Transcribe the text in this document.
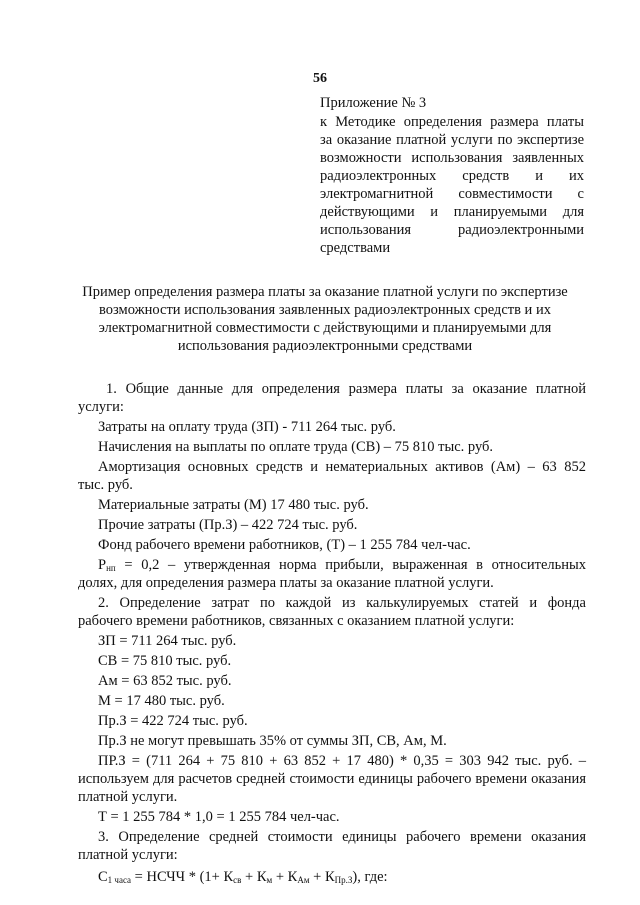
56
Приложение № 3
к Методике определения размера платы
за оказание платной услуги по экспертизе
возможности использования заявленных
радиоэлектронных средств и их
электромагнитной совместимости с
действующими и планируемыми для
использования радиоэлектронными
средствами
Пример определения размера платы за оказание платной услуги по экспертизе
возможности использования заявленных радиоэлектронных средств и их
электромагнитной совместимости с действующими и планируемыми для
использования радиоэлектронными средствами
1. Общие данные для определения размера платы за оказание платной
услуги:
Затраты на оплату труда (ЗП) - 711 264 тыс. руб.
Начисления на выплаты по оплате труда (СВ) – 75 810 тыс. руб.
Амортизация основных средств и нематериальных активов (Ам) – 63 852
тыс. руб.
Материальные затраты (М) 17 480 тыс. руб.
Прочие затраты (Пр.З) – 422 724 тыс. руб.
Фонд рабочего времени работников, (Т) – 1 255 784 чел-час.
$Р_{нп} = 0,2$ – утвержденная норма прибыли, выраженная в относительных
долях, для определения размера платы за оказание платной услуги.
2. Определение затрат по каждой из калькулируемых статей и фонда
рабочего времени работников, связанных с оказанием платной услуги:
ЗП = 711 264 тыс. руб.
СВ = 75 810 тыс. руб.
Ам = 63 852 тыс. руб.
М = 17 480 тыс. руб.
Пр.З = 422 724 тыс. руб.
Пр.З не могут превышать 35% от суммы ЗП, СВ, Ам, М.
ПР.З = (711 264 + 75 810 + 63 852 + 17 480) * 0,35 = 303 942 тыс. руб. –
используем для расчетов средней стоимости единицы рабочего времени оказания
платной услуги.
Т = 1 255 784 * 1,0 = 1 255 784 чел-час.
3. Определение средней стоимости единицы рабочего времени оказания
платной услуги:
$С_{1 часа}$ = НСЧЧ * $(1+ К_{св} + К_м + К_{Ам} + К_{Пр.З})$, где:
